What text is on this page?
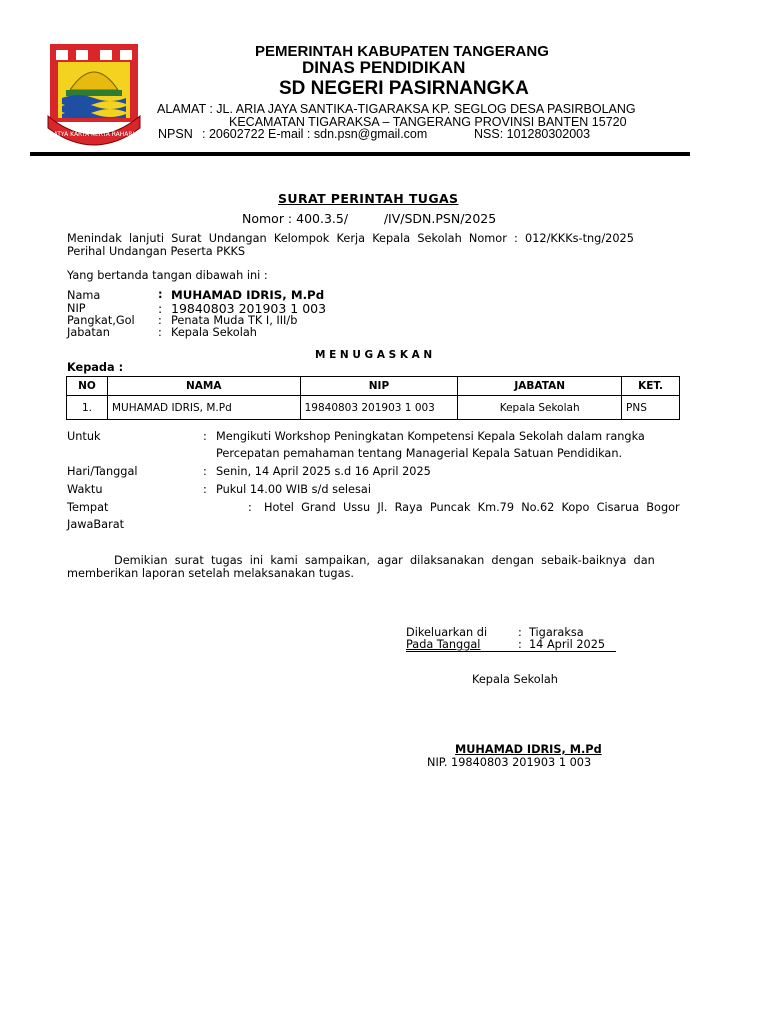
SATYA KARYA KERTA RAHARJA
PEMERINTAH KABUPATEN TANGERANG
DINAS PENDIDIKAN
SD NEGERI PASIRNANGKA
ALAMAT : JL. ARIA JAYA SANTIKA-TIGARAKSA KP. SEGLOG DESA PASIRBOLANG
KECAMATAN TIGARAKSA – TANGERANG PROVINSI BANTEN 15720
NPSN : 20602722 E-mail : sdn.psn@gmail.com	NSS: 101280302003
SURAT PERINTAH TUGAS
Nomor : 400.3.5/         /IV/SDN.PSN/2025
Menindak  lanjuti  Surat  Undangan  Kelompok  Kerja  Kepala  Sekolah  Nomor  :  012/KKKs-tng/2025
Perihal Undangan Peserta PKKS
Yang bertanda tangan dibawah ini :
Nama	: MUHAMAD IDRIS, M.Pd
NIP	: 19840803 201903 1 003
Pangkat,Gol : Penata Muda TK I, III/b
Jabatan	: Kepala Sekolah
M E N U G A S K A N
Kepada :
NO	NAMA	NIP	JABATAN	KET.
1.	MUHAMAD IDRIS, M.Pd	19840803 201903 1 003	Kepala Sekolah	PNS
Untuk	: Mengikuti Workshop Peningkatan Kompetensi Kepala Sekolah dalam rangka
Percepatan pemahaman tentang Managerial Kepala Satuan Pendidikan.
Hari/Tanggal	: Senin, 14 April 2025 s.d 16 April 2025
Waktu	: Pukul 14.00 WIB s/d selesai
Tempat	: Hotel  Grand  Ussu  Jl.  Raya  Puncak  Km.79  No.62  Kopo  Cisarua  Bogor
JawaBarat
Demikian  surat  tugas  ini  kami  sampaikan,  agar  dilaksanakan  dengan  sebaik-baiknya  dan
memberikan laporan setelah melaksanakan tugas.
Dikeluarkan di	:  Tigaraksa
Pada Tanggal	:  14 April 2025
Kepala Sekolah
MUHAMAD IDRIS, M.Pd
NIP. 19840803 201903 1 003
